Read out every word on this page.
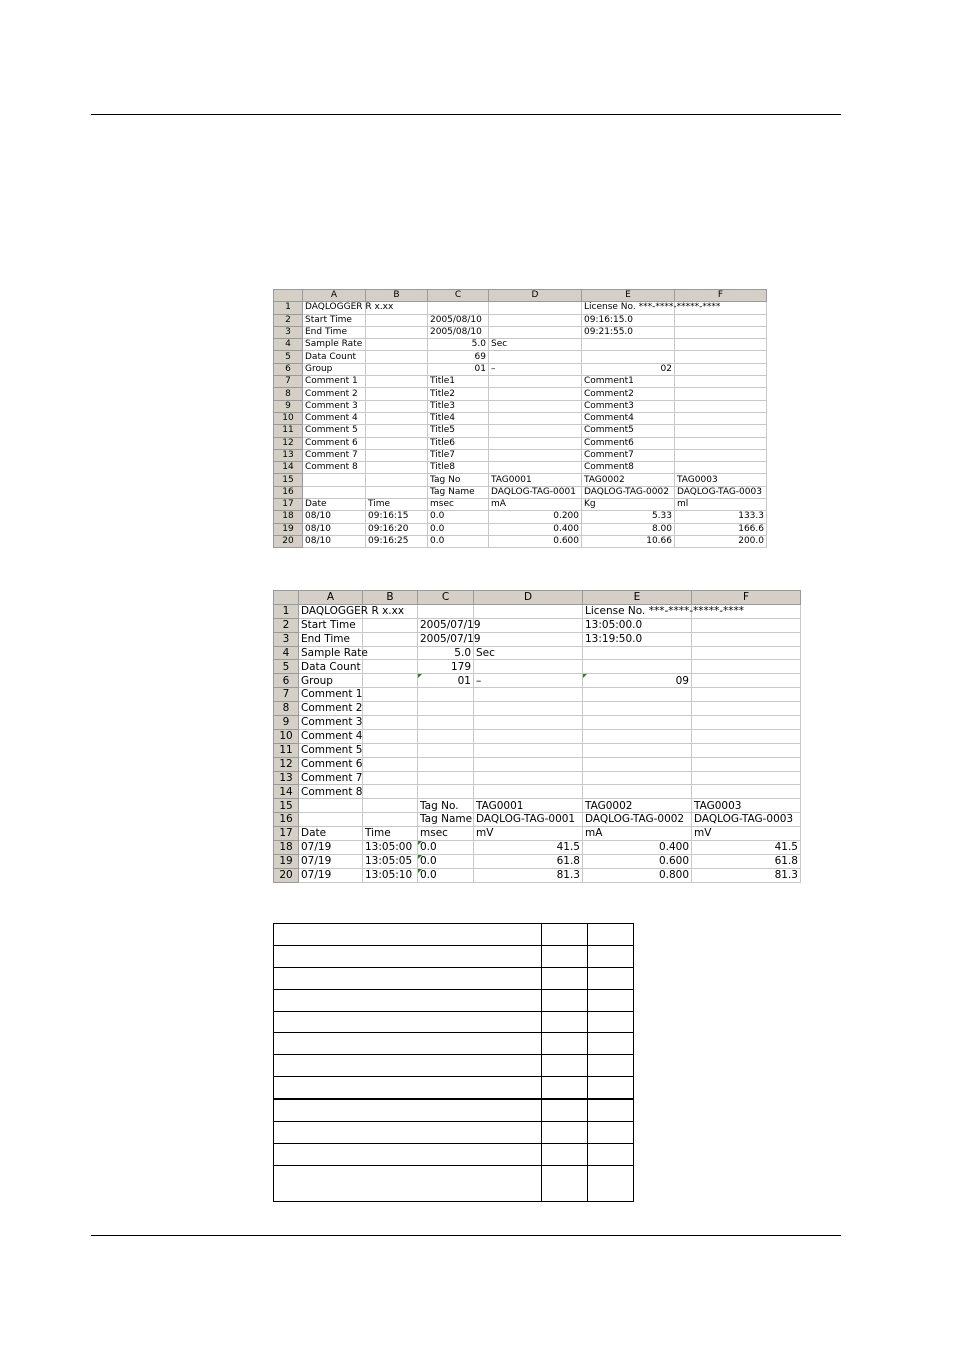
	A	B	C	D	E	F
1	DAQLOGGER R x.xx				License No. ***-****-*****-****	
2	Start Time		2005/08/10		09:16:15.0	
3	End Time		2005/08/10		09:21:55.0	
4	Sample Rate		5.0	Sec		
5	Data Count		69			
6	Group		01	–	02	
7	Comment 1		Title1		Comment1	
8	Comment 2		Title2		Comment2	
9	Comment 3		Title3		Comment3	
10	Comment 4		Title4		Comment4	
11	Comment 5		Title5		Comment5	
12	Comment 6		Title6		Comment6	
13	Comment 7		Title7		Comment7	
14	Comment 8		Title8		Comment8	
15			Tag No	TAG0001	TAG0002	TAG0003
16			Tag Name	DAQLOG-TAG-0001	DAQLOG-TAG-0002	DAQLOG-TAG-0003
17	Date	Time	msec	mA	Kg	ml
18	08/10	09:16:15	0.0	0.200	5.33	133.3
19	08/10	09:16:20	0.0	0.400	8.00	166.6
20	08/10	09:16:25	0.0	0.600	10.66	200.0
	A	B	C	D	E	F
1	DAQLOGGER R x.xx				License No. ***-****-*****-****	
2	Start Time		2005/07/19		13:05:00.0	
3	End Time		2005/07/19		13:19:50.0	
4	Sample Rate		5.0	Sec		
5	Data Count		179			
6	Group		01	–	09	
7	Comment 1					
8	Comment 2					
9	Comment 3					
10	Comment 4					
11	Comment 5					
12	Comment 6					
13	Comment 7					
14	Comment 8					
15			Tag No.	TAG0001	TAG0002	TAG0003
16			Tag Name	DAQLOG-TAG-0001	DAQLOG-TAG-0002	DAQLOG-TAG-0003
17	Date	Time	msec	mV	mA	mV
18	07/19	13:05:00	0.0	41.5	0.400	41.5
19	07/19	13:05:05	0.0	61.8	0.600	61.8
20	07/19	13:05:10	0.0	81.3	0.800	81.3
